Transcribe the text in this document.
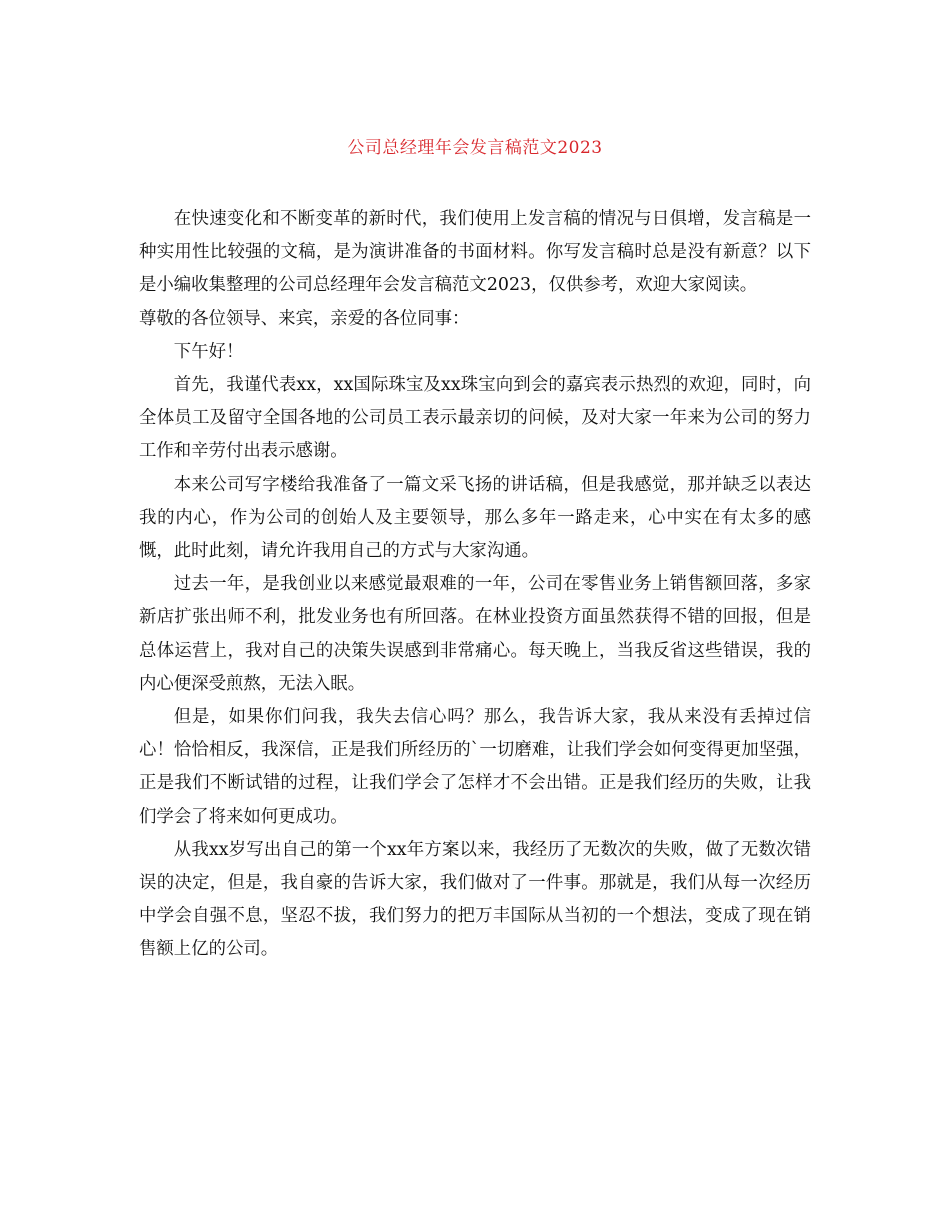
公司总经理年会发言稿范文2023

在快速变化和不断变革的新时代，我们使用上发言稿的情况与日俱增，发言稿是一种实用性比较强的文稿，是为演讲准备的书面材料。你写发言稿时总是没有新意？以下是小编收集整理的公司总经理年会发言稿范文2023，仅供参考，欢迎大家阅读。

尊敬的各位领导、来宾，亲爱的各位同事：

下午好！

首先，我谨代表xx，xx国际珠宝及xx珠宝向到会的嘉宾表示热烈的欢迎，同时，向全体员工及留守全国各地的公司员工表示最亲切的问候，及对大家一年来为公司的努力工作和辛劳付出表示感谢。

本来公司写字楼给我准备了一篇文采飞扬的讲话稿，但是我感觉，那并缺乏以表达我的内心，作为公司的创始人及主要领导，那么多年一路走来，心中实在有太多的感慨，此时此刻，请允许我用自己的方式与大家沟通。

过去一年，是我创业以来感觉最艰难的一年，公司在零售业务上销售额回落，多家新店扩张出师不利，批发业务也有所回落。在林业投资方面虽然获得不错的回报，但是总体运营上，我对自己的决策失误感到非常痛心。每天晚上，当我反省这些错误，我的内心便深受煎熬，无法入眠。

但是，如果你们问我，我失去信心吗？那么，我告诉大家，我从来没有丢掉过信心！恰恰相反，我深信，正是我们所经历的`一切磨难，让我们学会如何变得更加坚强，正是我们不断试错的过程，让我们学会了怎样才不会出错。正是我们经历的失败，让我们学会了将来如何更成功。

从我xx岁写出自己的第一个xx年方案以来，我经历了无数次的失败，做了无数次错误的决定，但是，我自豪的告诉大家，我们做对了一件事。那就是，我们从每一次经历中学会自强不息，坚忍不拔，我们努力的把万丰国际从当初的一个想法，变成了现在销售额上亿的公司。
